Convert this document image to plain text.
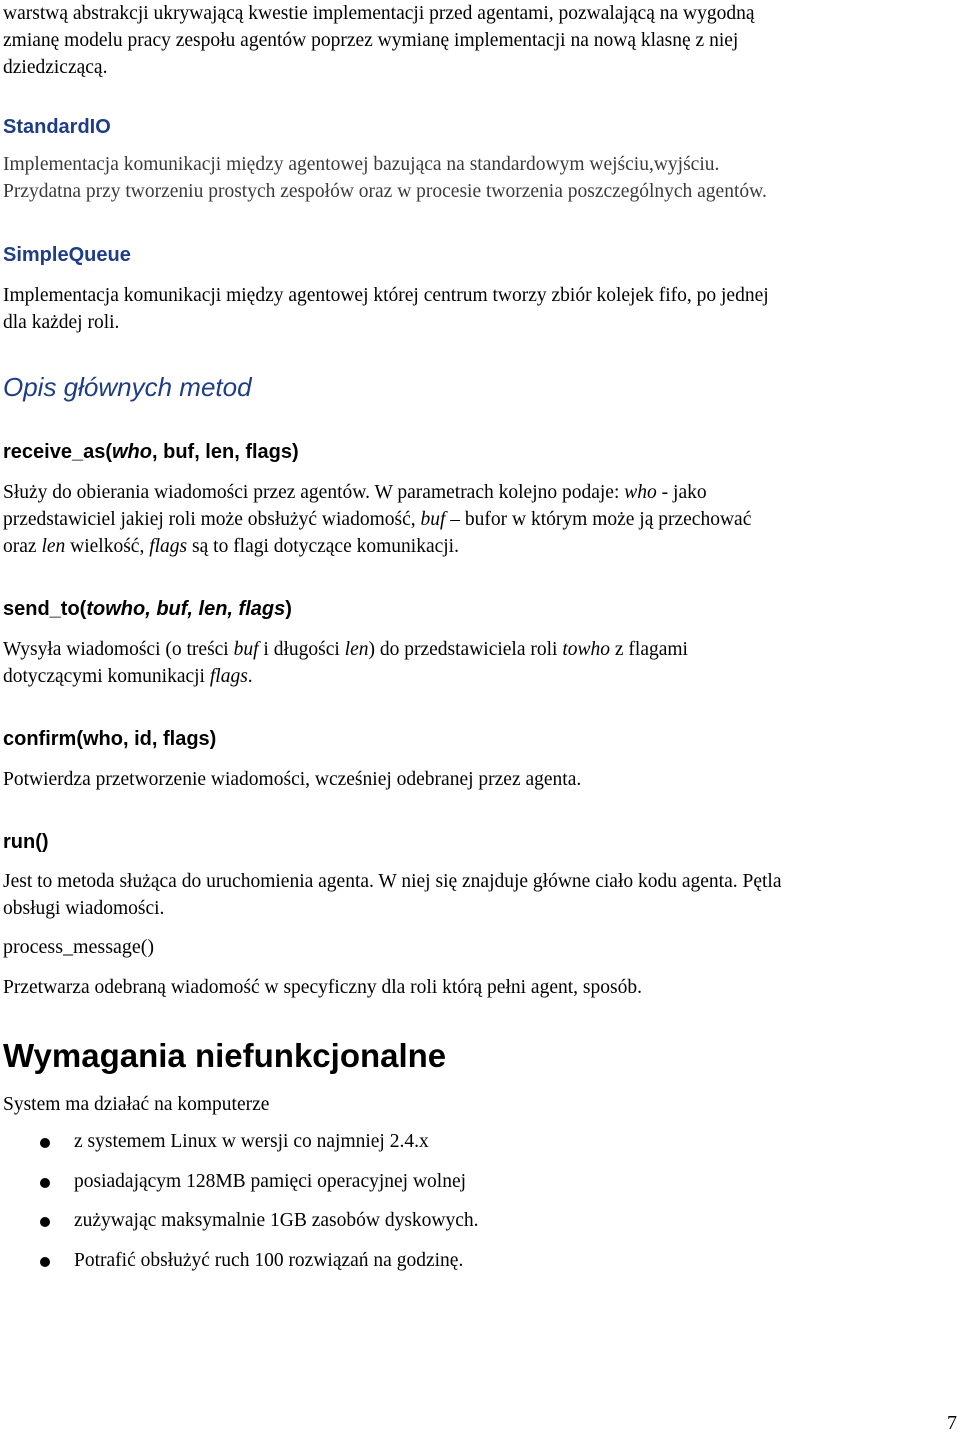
warstwą abstrakcji ukrywającą kwestie implementacji przed agentami, pozwalającą na wygodną
zmianę modelu pracy zespołu agentów poprzez wymianę implementacji na nową klasnę z niej
dziedziczącą.
StandardIO
Implementacja komunikacji między agentowej bazująca na standardowym wejściu,wyjściu.
Przydatna przy tworzeniu prostych zespołów oraz w procesie tworzenia poszczególnych agentów.
SimpleQueue
Implementacja komunikacji między agentowej której centrum tworzy zbiór kolejek fifo, po jednej
dla każdej roli.
Opis głównych metod
receive_as(who, buf, len, flags)
Służy do obierania wiadomości przez agentów. W parametrach kolejno podaje: who - jako
przedstawiciel jakiej roli może obsłużyć wiadomość, buf – bufor w którym może ją przechować
oraz len wielkość, flags są to flagi dotyczące komunikacji.
send_to(towho, buf, len, flags)
Wysyła wiadomości (o treści buf i długości len) do przedstawiciela roli towho z flagami
dotyczącymi komunikacji flags.
confirm(who, id, flags)
Potwierdza przetworzenie wiadomości, wcześniej odebranej przez agenta.
run()
Jest to metoda służąca do uruchomienia agenta. W niej się znajduje główne ciało kodu agenta. Pętla
obsługi wiadomości.
process_message()
Przetwarza odebraną wiadomość w specyficzny dla roli którą pełni agent, sposób.
Wymagania niefunkcjonalne
System ma działać na komputerze
z systemem Linux w wersji co najmniej 2.4.x
posiadającym 128MB pamięci operacyjnej wolnej
zużywając maksymalnie 1GB zasobów dyskowych.
Potrafić obsłużyć ruch 100 rozwiązań na godzinę.
7
